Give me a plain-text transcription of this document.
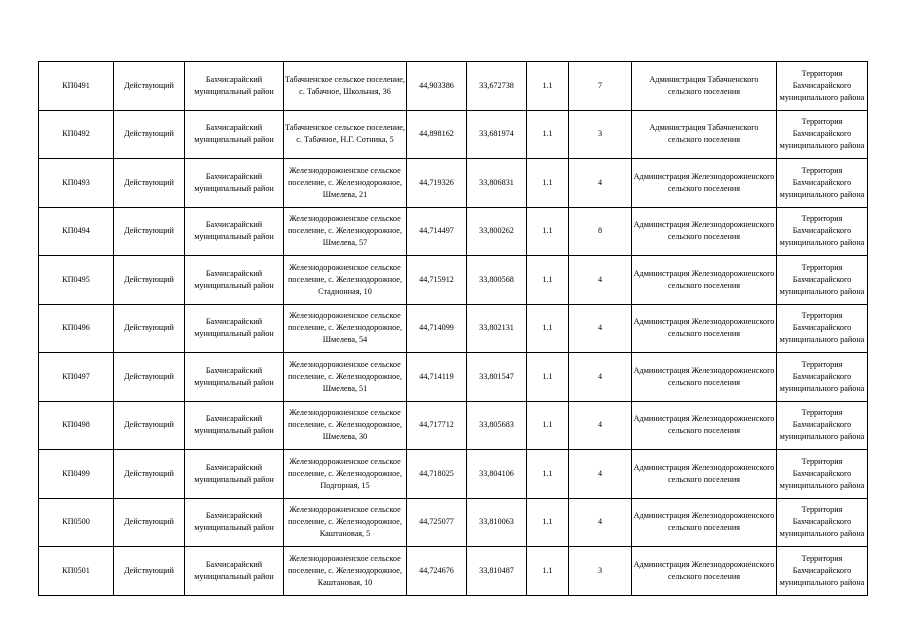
КП0491	Действующий	Бахчисарайский муниципальный район	Табачненское сельское поселение, с. Табачное, Школьная, 36	44,903386	33,672738	1.1	7	Администрация Табачненского сельского поселения	Территория Бахчисарайского муниципального района
КП0492	Действующий	Бахчисарайский муниципальный район	Табачненское сельское поселение, с. Табачное, Н.Г. Сотника, 5	44,898162	33,681974	1.1	3	Администрация Табачненского сельского поселения	Территория Бахчисарайского муниципального района
КП0493	Действующий	Бахчисарайский муниципальный район	Железнодорожненское сельское поселение, с. Железнодорожное, Шмелева, 21	44,719326	33,806831	1.1	4	Администрация Железнодорожненского сельского поселения	Территория Бахчисарайского муниципального района
КП0494	Действующий	Бахчисарайский муниципальный район	Железнодорожненское сельское поселение, с. Железнодорожное, Шмелева, 57	44,714497	33,800262	1.1	8	Администрация Железнодорожненского сельского поселения	Территория Бахчисарайского муниципального района
КП0495	Действующий	Бахчисарайский муниципальный район	Железнодорожненское сельское поселение, с. Железнодорожное, Стадионная, 10	44,715912	33,800568	1.1	4	Администрация Железнодорожненского сельского поселения	Территория Бахчисарайского муниципального района
КП0496	Действующий	Бахчисарайский муниципальный район	Железнодорожненское сельское поселение, с. Железнодорожное, Шмелева, 54	44,714099	33,802131	1.1	4	Администрация Железнодорожненского сельского поселения	Территория Бахчисарайского муниципального района
КП0497	Действующий	Бахчисарайский муниципальный район	Железнодорожненское сельское поселение, с. Железнодорожное, Шмелева, 51	44,714119	33,801547	1.1	4	Администрация Железнодорожненского сельского поселения	Территория Бахчисарайского муниципального района
КП0498	Действующий	Бахчисарайский муниципальный район	Железнодорожненское сельское поселение, с. Железнодорожное, Шмелева, 30	44,717712	33,805683	1.1	4	Администрация Железнодорожненского сельского поселения	Территория Бахчисарайского муниципального района
КП0499	Действующий	Бахчисарайский муниципальный район	Железнодорожненское сельское поселение, с. Железнодорожное, Подгорная, 15	44,718025	33,804106	1.1	4	Администрация Железнодорожненского сельского поселения	Территория Бахчисарайского муниципального района
КП0500	Действующий	Бахчисарайский муниципальный район	Железнодорожненское сельское поселение, с. Железнодорожное, Каштановая, 5	44,725077	33,810063	1.1	4	Администрация Железнодорожненского сельского поселения	Территория Бахчисарайского муниципального района
КП0501	Действующий	Бахчисарайский муниципальный район	Железнодорожненское сельское поселение, с. Железнодорожное, Каштановая, 10	44,724676	33,810487	1.1	3	Администрация Железнодорожненского сельского поселения	Территория Бахчисарайского муниципального района
